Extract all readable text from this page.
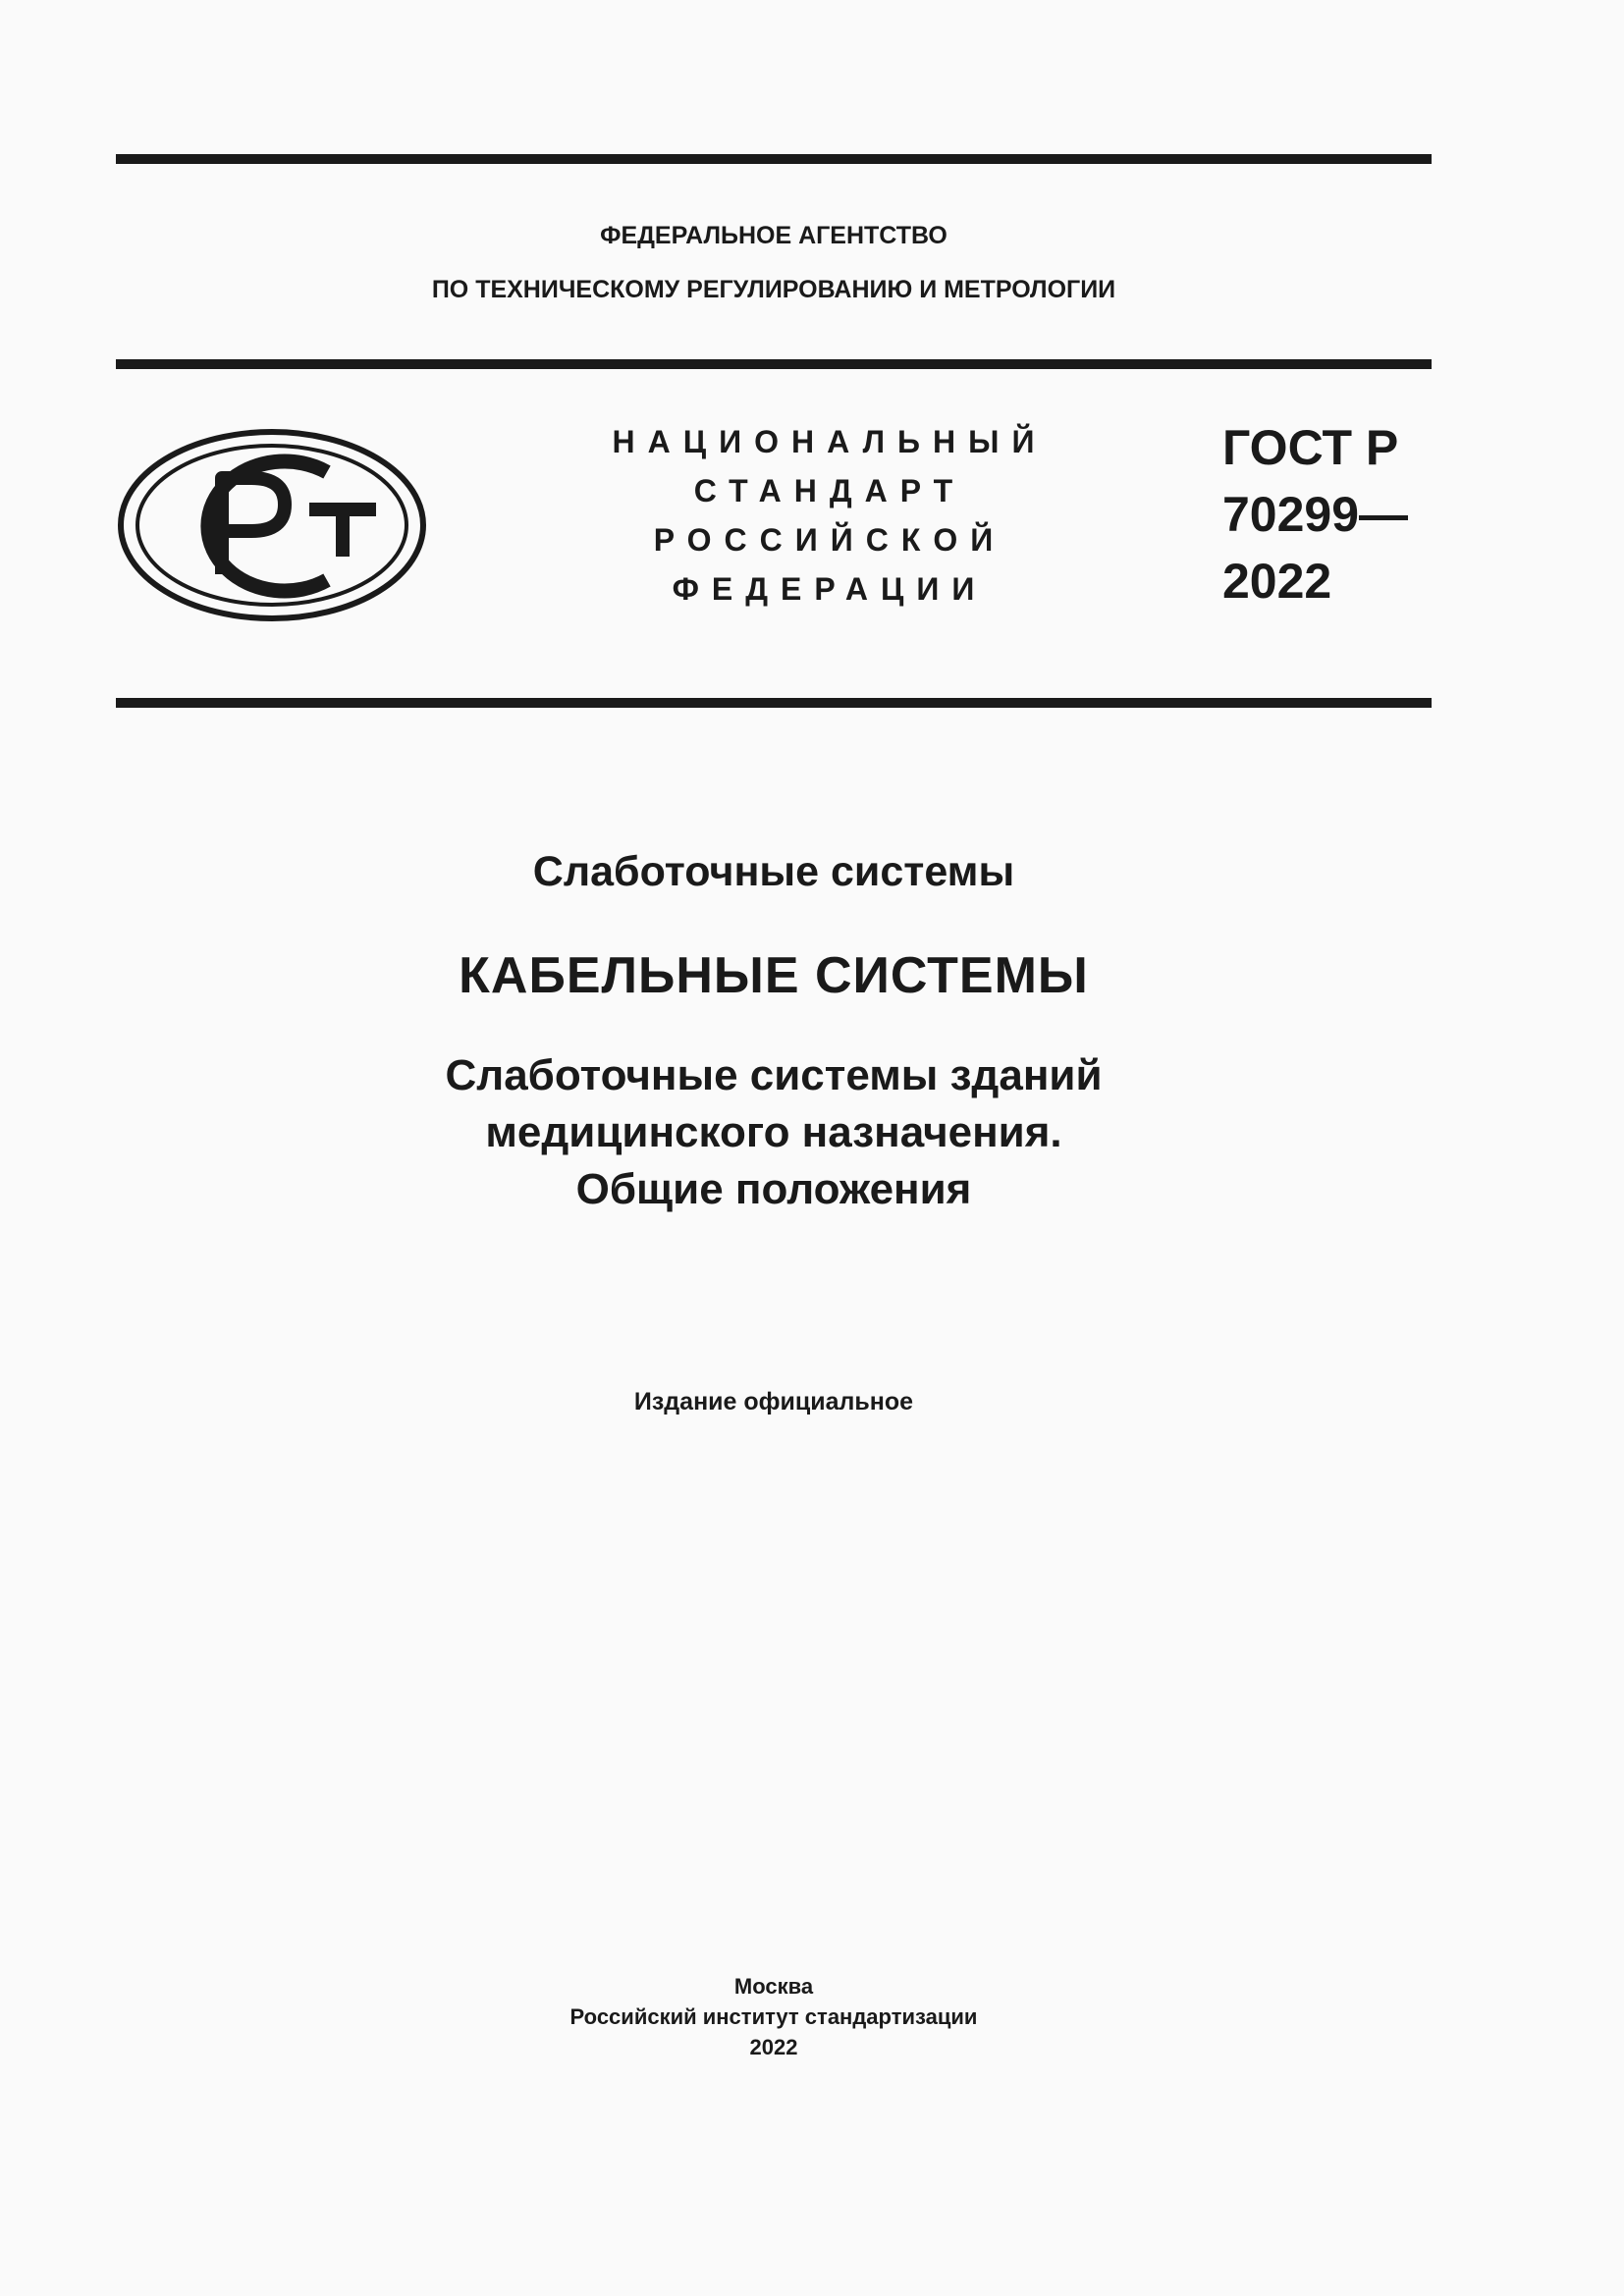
ФЕДЕРАЛЬНОЕ АГЕНТСТВО
ПО ТЕХНИЧЕСКОМУ РЕГУЛИРОВАНИЮ И МЕТРОЛОГИИ
НАЦИОНАЛЬНЫЙ
СТАНДАРТ
РОССИЙСКОЙ
ФЕДЕРАЦИИ
ГОСТ Р
70299—
2022
Слаботочные системы
КАБЕЛЬНЫЕ СИСТЕМЫ
Слаботочные системы зданий
медицинского назначения.
Общие положения
Издание официальное
Москва
Российский институт стандартизации
2022
